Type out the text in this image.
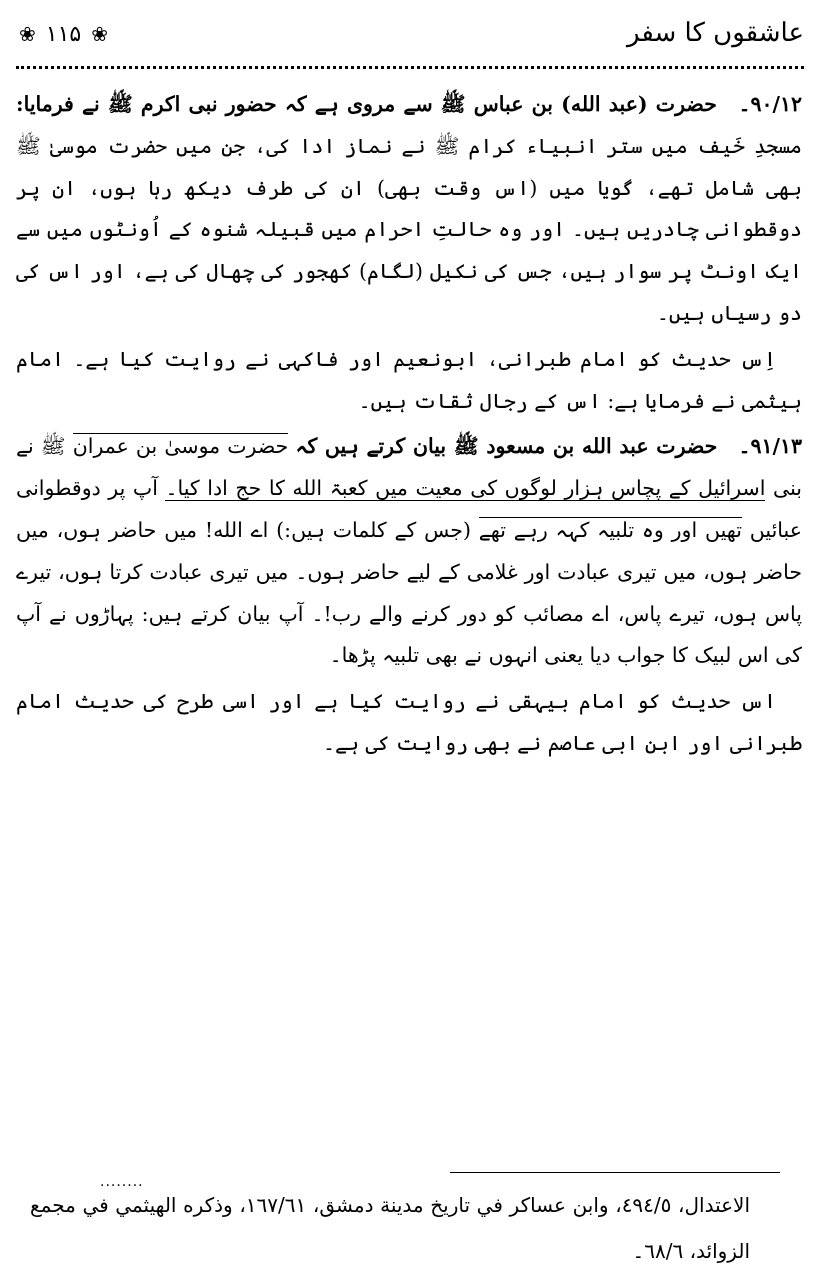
عاشقوں کا سفر
❀ ۱۱۵ ❀

۹۰/۱۲۔ حضرت (عبد الله) بن عباس ﷺ سے مروی ہے کہ حضور نبی اکرم ﷺ نے فرمایا: مسجدِ خَیف میں ستر انبیاء کرام ﷺ نے نماز ادا کی، جن میں حضرت موسیٰ ﷺ بھی شامل تھے، گویا میں (اس وقت بھی) ان کی طرف دیکھ رہا ہوں، ان پر دوقطوانی چادریں ہیں۔ اور وہ حالتِ احرام میں قبیلہ شنوہ کے اُونٹوں میں سے ایک اونٹ پر سوار ہیں، جس کی نکیل (لگام) کھجور کی چھال کی ہے، اور اس کی دو رسیاں ہیں۔

اِس حدیث کو امام طبرانی، ابونعیم اور فاکہی نے روایت کیا ہے۔ امام ہیثمی نے فرمایا ہے: اس کے رجال ثقات ہیں۔

۹۱/۱۳۔ حضرت عبد الله بن مسعود ﷺ بیان کرتے ہیں کہ حضرت موسیٰ بن عمران ﷺ نے بنی اسرائیل کے پچاس ہزار لوگوں کی معیت میں کعبۃ الله کا حج ادا کیا۔ آپ پر دوقطوانی عبائیں تھیں اور وہ تلبیہ کہہ رہے تھے (جس کے کلمات ہیں:) اے الله! میں حاضر ہوں، میں حاضر ہوں، میں تیری عبادت اور غلامی کے لیے حاضر ہوں۔ میں تیری عبادت کرتا ہوں، تیرے پاس ہوں، تیرے پاس، اے مصائب کو دور کرنے والے رب!۔ آپ بیان کرتے ہیں: پہاڑوں نے آپ کی اس لبیک کا جواب دیا یعنی انہوں نے بھی تلبیہ پڑھا۔

اس حدیث کو امام بیہقی نے روایت کیا ہے اور اسی طرح کی حدیث امام طبرانی اور ابن ابی عاصم نے بھی روایت کی ہے۔

........
الاعتدال، ٤٩٤/٥، وابن عساكر في تاريخ مدينة دمشق، ١٦٧/٦١، وذكره الهيثمي في مجمع الزوائد، ٦٨/٦۔
